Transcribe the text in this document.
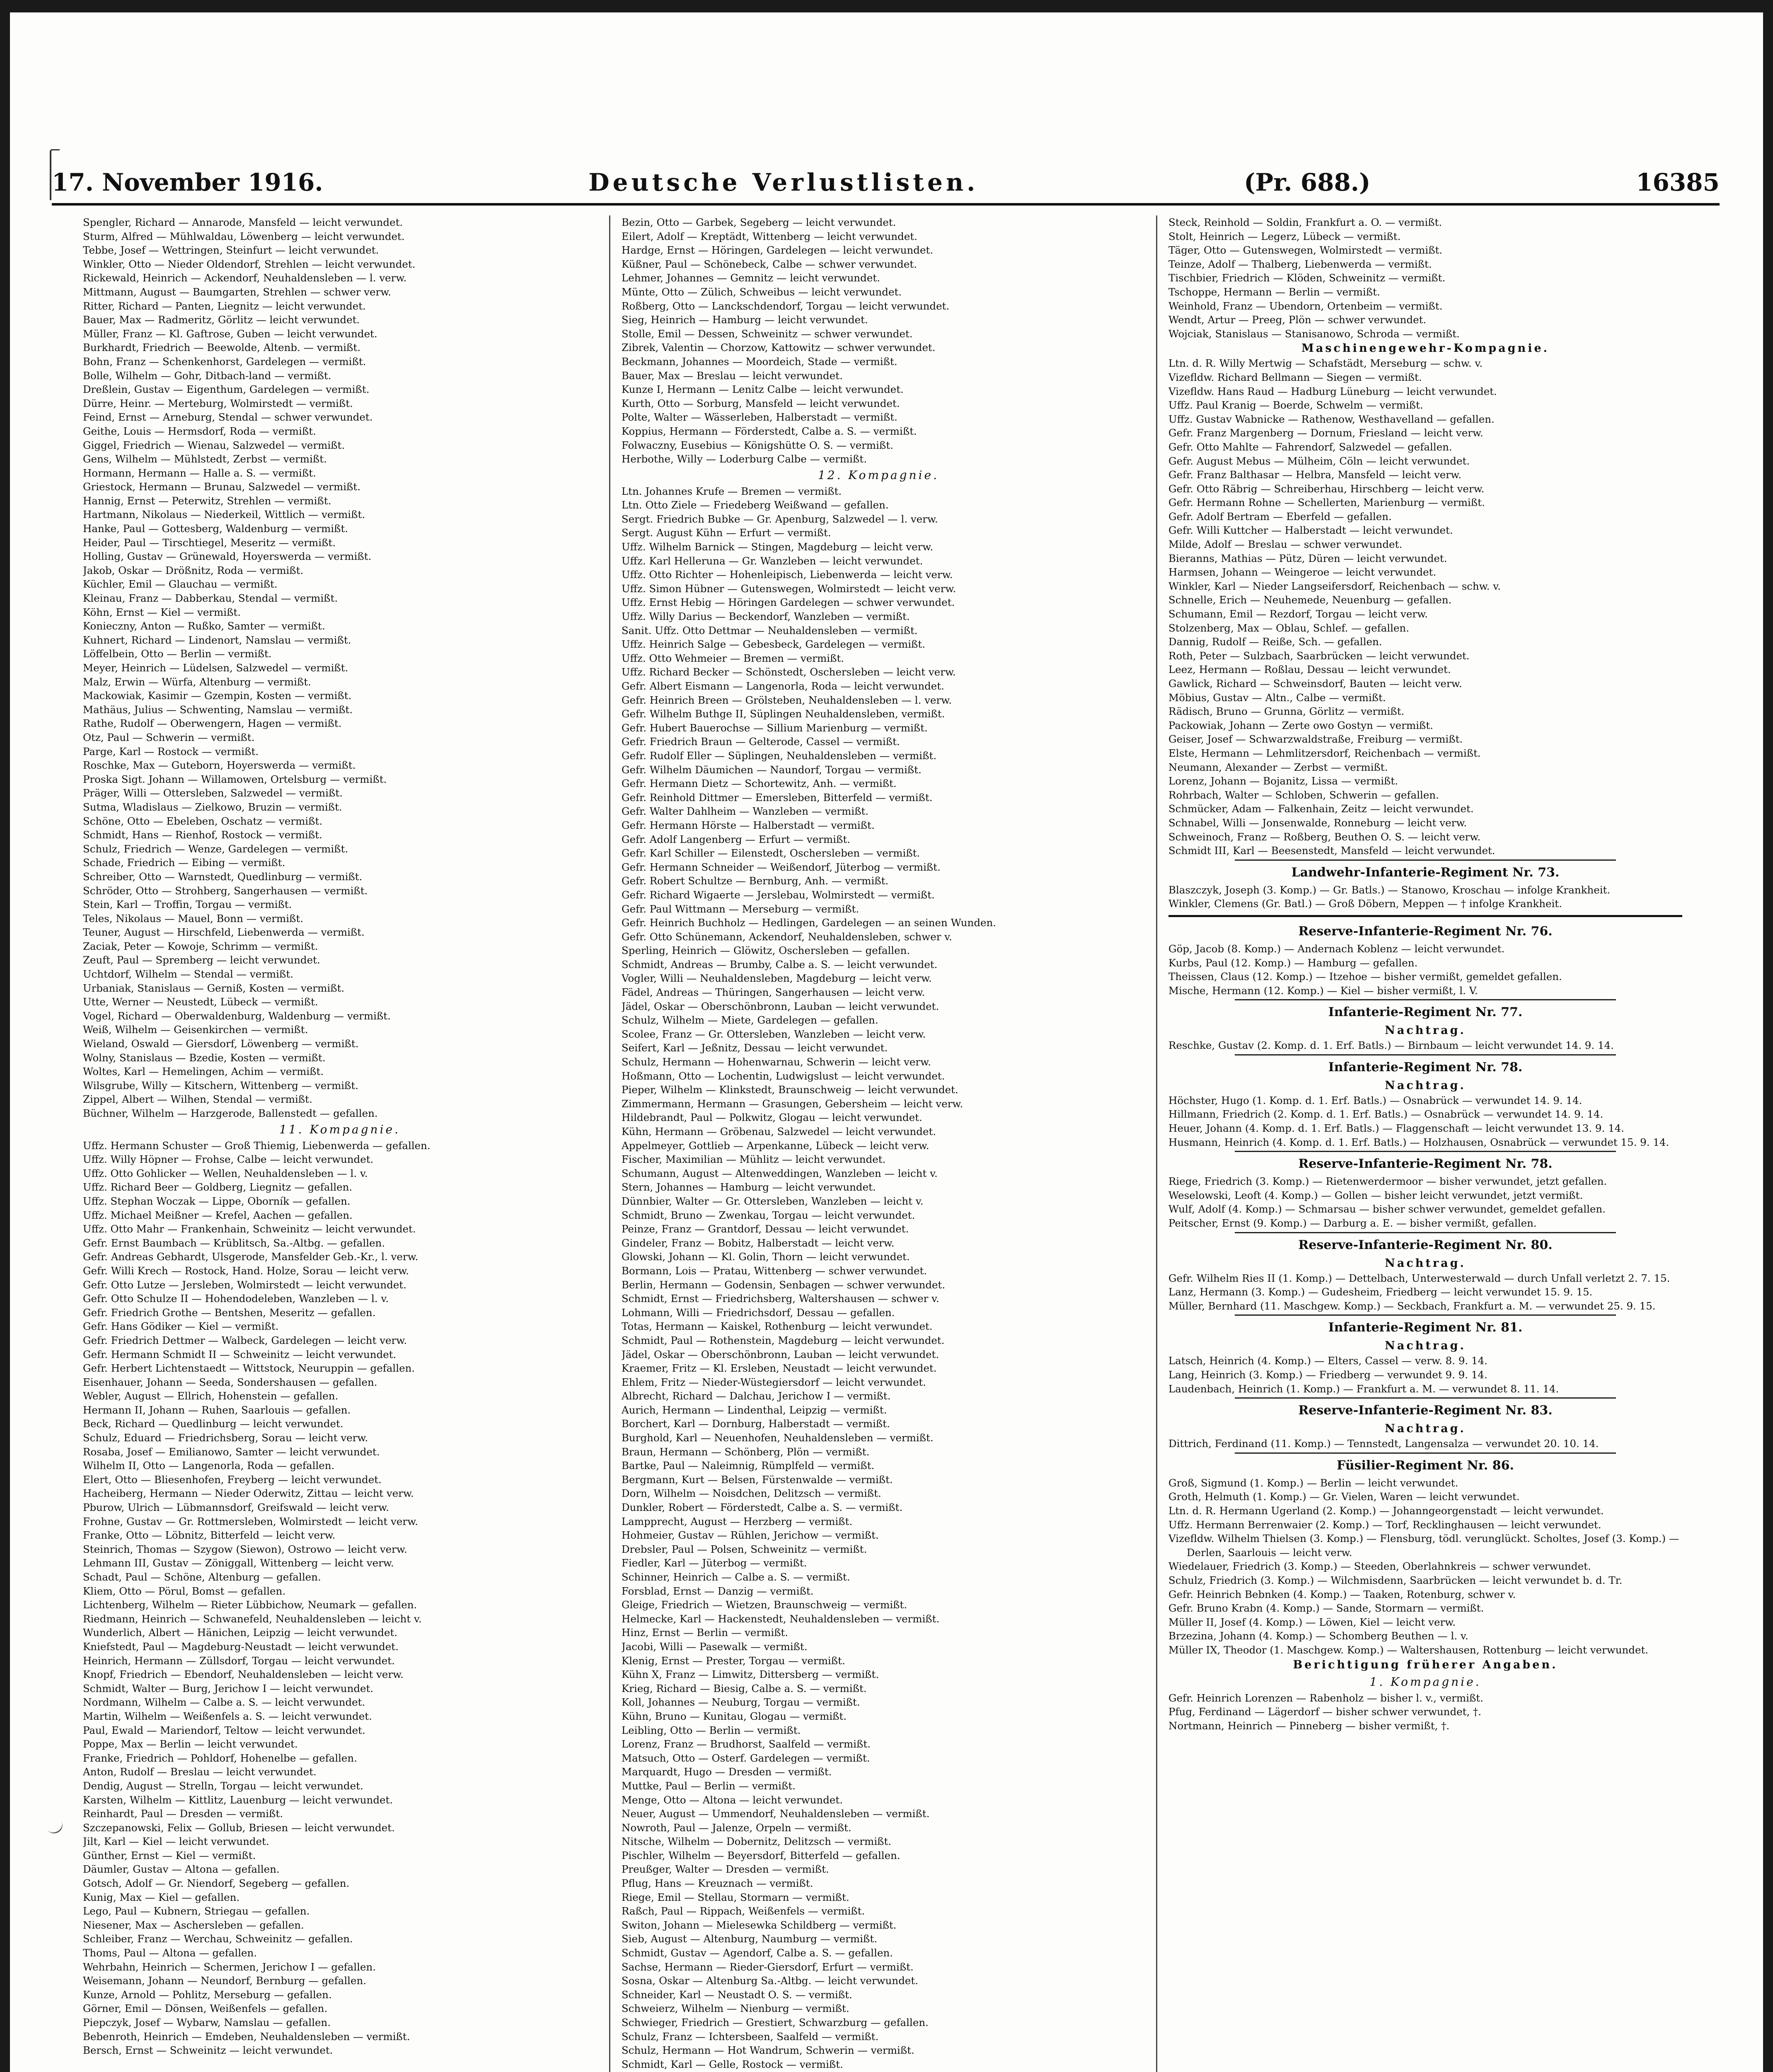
17. November 1916.	Deutsche Verlustlisten.	(Pr. 688.)	16385
Spengler, Richard — Annarode, Mansfeld — leicht verwundet.
Sturm, Alfred — Mühlwaldau, Löwenberg — leicht verwundet.
Tebbe, Josef — Wettringen, Steinfurt — leicht verwundet.
Winkler, Otto — Nieder Oldendorf, Strehlen — leicht verwundet.
Rickewald, Heinrich — Ackendorf, Neuhaldensleben — l. verw.
Mittmann, August — Baumgarten, Strehlen — schwer verw.
Ritter, Richard — Panten, Liegnitz — leicht verwundet.
Bauer, Max — Radmeritz, Görlitz — leicht verwundet.
Müller, Franz — Kl. Gaftrose, Guben — leicht verwundet.
Burkhardt, Friedrich — Beewolde, Altenb. — vermißt.
Bohn, Franz — Schenkenhorst, Gardelegen — vermißt.
Bolle, Wilhelm — Gohr, Ditbach-land — vermißt.
Dreßlein, Gustav — Eigenthum, Gardelegen — vermißt.
Dürre, Heinr. — Merteburg, Wolmirstedt — vermißt.
Feind, Ernst — Arneburg, Stendal — schwer verwundet.
Geithe, Louis — Hermsdorf, Roda — vermißt.
Giggel, Friedrich — Wienau, Salzwedel — vermißt.
Gens, Wilhelm — Mühlstedt, Zerbst — vermißt.
Hormann, Hermann — Halle a. S. — vermißt.
Griestock, Hermann — Brunau, Salzwedel — vermißt.
Hannig, Ernst — Peterwitz, Strehlen — vermißt.
Hartmann, Nikolaus — Niederkeil, Wittlich — vermißt.
Hanke, Paul — Gottesberg, Waldenburg — vermißt.
Heider, Paul — Tirschtiegel, Meseritz — vermißt.
Holling, Gustav — Grünewald, Hoyerswerda — vermißt.
Jakob, Oskar — Drößnitz, Roda — vermißt.
Küchler, Emil — Glauchau — vermißt.
Kleinau, Franz — Dabberkau, Stendal — vermißt.
Köhn, Ernst — Kiel — vermißt.
Konieczny, Anton — Rußko, Samter — vermißt.
Kuhnert, Richard — Lindenort, Namslau — vermißt.
Löffelbein, Otto — Berlin — vermißt.
Meyer, Heinrich — Lüdelsen, Salzwedel — vermißt.
Malz, Erwin — Würfa, Altenburg — vermißt.
Mackowiak, Kasimir — Gzempin, Kosten — vermißt.
Mathäus, Julius — Schwenting, Namslau — vermißt.
Rathe, Rudolf — Oberwengern, Hagen — vermißt.
Otz, Paul — Schwerin — vermißt.
Parge, Karl — Rostock — vermißt.
Roschke, Max — Guteborn, Hoyerswerda — vermißt.
Proska Sigt. Johann — Willamowen, Ortelsburg — vermißt.
Präger, Willi — Ottersleben, Salzwedel — vermißt.
Sutma, Wladislaus — Zielkowo, Bruzin — vermißt.
Schöne, Otto — Ebeleben, Oschatz — vermißt.
Schmidt, Hans — Rienhof, Rostock — vermißt.
Schulz, Friedrich — Wenze, Gardelegen — vermißt.
Schade, Friedrich — Eibing — vermißt.
Schreiber, Otto — Warnstedt, Quedlinburg — vermißt.
Schröder, Otto — Strohberg, Sangerhausen — vermißt.
Stein, Karl — Troffin, Torgau — vermißt.
Teles, Nikolaus — Mauel, Bonn — vermißt.
Teuner, August — Hirschfeld, Liebenwerda — vermißt.
Zaciak, Peter — Kowoje, Schrimm — vermißt.
Zeuft, Paul — Spremberg — leicht verwundet.
Uchtdorf, Wilhelm — Stendal — vermißt.
Urbaniak, Stanislaus — Gerniß, Kosten — vermißt.
Utte, Werner — Neustedt, Lübeck — vermißt.
Vogel, Richard — Oberwaldenburg, Waldenburg — vermißt.
Weiß, Wilhelm — Geisenkirchen — vermißt.
Wieland, Oswald — Giersdorf, Löwenberg — vermißt.
Wolny, Stanislaus — Bzedie, Kosten — vermißt.
Woltes, Karl — Hemelingen, Achim — vermißt.
Wilsgrube, Willy — Kitschern, Wittenberg — vermißt.
Zippel, Albert — Wilhen, Stendal — vermißt.
Büchner, Wilhelm — Harzgerode, Ballenstedt — gefallen.
11. Kompagnie.
Uffz. Hermann Schuster — Groß Thiemig, Liebenwerda — gefallen.
Uffz. Willy Höpner — Frohse, Calbe — leicht verwundet.
Uffz. Otto Gohlicker — Wellen, Neuhaldensleben — l. v.
Uffz. Richard Beer — Goldberg, Liegnitz — gefallen.
Uffz. Stephan Woczak — Lippe, Oborník — gefallen.
Uffz. Michael Meißner — Krefel, Aachen — gefallen.
Uffz. Otto Mahr — Frankenhain, Schweinitz — leicht verwundet.
Gefr. Ernst Baumbach — Krüblitsch, Sa.-Altbg. — gefallen.
Gefr. Andreas Gebhardt, Ulsgerode, Mansfelder Geb.-Kr., l. verw.
Gefr. Willi Krech — Rostock, Hand. Holze, Sorau — leicht verw.
Gefr. Otto Lutze — Jersleben, Wolmirstedt — leicht verwundet.
Gefr. Otto Schulze II — Hohendodeleben, Wanzleben — l. v.
Gefr. Friedrich Grothe — Bentshen, Meseritz — gefallen.
Gefr. Hans Gödiker — Kiel — vermißt.
Gefr. Friedrich Dettmer — Walbeck, Gardelegen — leicht verw.
Gefr. Hermann Schmidt II — Schweinitz — leicht verwundet.
Gefr. Herbert Lichtenstaedt — Wittstock, Neuruppin — gefallen.
Eisenhauer, Johann — Seeda, Sondershausen — gefallen.
Webler, August — Ellrich, Hohenstein — gefallen.
Hermann II, Johann — Ruhen, Saarlouis — gefallen.
Beck, Richard — Quedlinburg — leicht verwundet.
Schulz, Eduard — Friedrichsberg, Sorau — leicht verw.
Rosaba, Josef — Emilianowo, Samter — leicht verwundet.
Wilhelm II, Otto — Langenorla, Roda — gefallen.
Elert, Otto — Bliesenhofen, Freyberg — leicht verwundet.
Hacheiberg, Hermann — Nieder Oderwitz, Zittau — leicht verw.
Pburow, Ulrich — Lübmannsdorf, Greifswald — leicht verw.
Frohne, Gustav — Gr. Rottmersleben, Wolmirstedt — leicht verw.
Franke, Otto — Löbnitz, Bitterfeld — leicht verw.
Steinrich, Thomas — Szygow (Siewon), Ostrowo — leicht verw.
Lehmann III, Gustav — Zöniggall, Wittenberg — leicht verw.
Schadt, Paul — Schöne, Altenburg — gefallen.
Kliem, Otto — Pörul, Bomst — gefallen.
Lichtenberg, Wilhelm — Rieter Lübbichow, Neumark — gefallen.
Riedmann, Heinrich — Schwanefeld, Neuhaldensleben — leicht v.
Wunderlich, Albert — Hänichen, Leipzig — leicht verwundet.
Kniefstedt, Paul — Magdeburg-Neustadt — leicht verwundet.
Heinrich, Hermann — Züllsdorf, Torgau — leicht verwundet.
Knopf, Friedrich — Ebendorf, Neuhaldensleben — leicht verw.
Schmidt, Walter — Burg, Jerichow I — leicht verwundet.
Nordmann, Wilhelm — Calbe a. S. — leicht verwundet.
Martin, Wilhelm — Weißenfels a. S. — leicht verwundet.
Paul, Ewald — Mariendorf, Teltow — leicht verwundet.
Poppe, Max — Berlin — leicht verwundet.
Franke, Friedrich — Pohldorf, Hohenelbe — gefallen.
Anton, Rudolf — Breslau — leicht verwundet.
Dendig, August — Strelln, Torgau — leicht verwundet.
Karsten, Wilhelm — Kittlitz, Lauenburg — leicht verwundet.
Reinhardt, Paul — Dresden — vermißt.
Szczepanowski, Felix — Gollub, Briesen — leicht verwundet.
Jilt, Karl — Kiel — leicht verwundet.
Günther, Ernst — Kiel — vermißt.
Däumler, Gustav — Altona — gefallen.
Gotsch, Adolf — Gr. Niendorf, Segeberg — gefallen.
Kunig, Max — Kiel — gefallen.
Lego, Paul — Kubnern, Striegau — gefallen.
Niesener, Max — Aschersleben — gefallen.
Schleiber, Franz — Werchau, Schweinitz — gefallen.
Thoms, Paul — Altona — gefallen.
Wehrbahn, Heinrich — Schermen, Jerichow I — gefallen.
Weisemann, Johann — Neundorf, Bernburg — gefallen.
Kunze, Arnold — Pohlitz, Merseburg — gefallen.
Görner, Emil — Dönsen, Weißenfels — gefallen.
Piepczyk, Josef — Wybarw, Namslau — gefallen.
Bebenroth, Heinrich — Emdeben, Neuhaldensleben — vermißt.
Bersch, Ernst — Schweinitz — leicht verwundet.
Bezin, Otto — Garbek, Segeberg — leicht verwundet.
Eilert, Adolf — Kreptädt, Wittenberg — leicht verwundet.
Hardge, Ernst — Höringen, Gardelegen — leicht verwundet.
Küßner, Paul — Schönebeck, Calbe — schwer verwundet.
Lehmer, Johannes — Gemnitz — leicht verwundet.
Münte, Otto — Zülich, Schweibus — leicht verwundet.
Roßberg, Otto — Lanckschdendorf, Torgau — leicht verwundet.
Sieg, Heinrich — Hamburg — leicht verwundet.
Stolle, Emil — Dessen, Schweinitz — schwer verwundet.
Zibrek, Valentin — Chorzow, Kattowitz — schwer verwundet.
Beckmann, Johannes — Moordeich, Stade — vermißt.
Bauer, Max — Breslau — leicht verwundet.
Kunze I, Hermann — Lenitz Calbe — leicht verwundet.
Kurth, Otto — Sorburg, Mansfeld — leicht verwundet.
Polte, Walter — Wässerleben, Halberstadt — vermißt.
Koppius, Hermann — Förderstedt, Calbe a. S. — vermißt.
Folwaczny, Eusebius — Königshütte O. S. — vermißt.
Herbothe, Willy — Loderburg Calbe — vermißt.
12. Kompagnie.
Ltn. Johannes Krufe — Bremen — vermißt.
Ltn. Otto Ziele — Friedeberg Weißwand — gefallen.
Sergt. Friedrich Bubke — Gr. Apenburg, Salzwedel — l. verw.
Sergt. August Kühn — Erfurt — vermißt.
Uffz. Wilhelm Barnick — Stingen, Magdeburg — leicht verw.
Uffz. Karl Helleruna — Gr. Wanzleben — leicht verwundet.
Uffz. Otto Richter — Hohenleipisch, Liebenwerda — leicht verw.
Uffz. Simon Hübner — Gutenswegen, Wolmirstedt — leicht verw.
Uffz. Ernst Hebig — Höringen Gardelegen — schwer verwundet.
Uffz. Willy Darius — Beckendorf, Wanzleben — vermißt.
Sanit. Uffz. Otto Dettmar — Neuhaldensleben — vermißt.
Uffz. Heinrich Salge — Gebesbeck, Gardelegen — vermißt.
Uffz. Otto Wehmeier — Bremen — vermißt.
Uffz. Richard Becker — Schönstedt, Oschersleben — leicht verw.
Gefr. Albert Eismann — Langenorla, Roda — leicht verwundet.
Gefr. Heinrich Breen — Grölsteben, Neuhaldensleben — l. verw.
Gefr. Wilhelm Buthge II, Süplingen Neuhaldensleben, vermißt.
Gefr. Hubert Bauerochse — Sillium Marienburg — vermißt.
Gefr. Friedrich Braun — Gelterode, Cassel — vermißt.
Gefr. Rudolf Eller — Süplingen, Neuhaldensleben — vermißt.
Gefr. Wilhelm Däumichen — Naundorf, Torgau — vermißt.
Gefr. Hermann Dietz — Schortewitz, Anh. — vermißt.
Gefr. Reinhold Dittmer — Emersleben, Bitterfeld — vermißt.
Gefr. Walter Dahlheim — Wanzleben — vermißt.
Gefr. Hermann Hörste — Halberstadt — vermißt.
Gefr. Adolf Langenberg — Erfurt — vermißt.
Gefr. Karl Schiller — Eilenstedt, Oschersleben — vermißt.
Gefr. Hermann Schneider — Weißendorf, Jüterbog — vermißt.
Gefr. Robert Schultze — Bernburg, Anh. — vermißt.
Gefr. Richard Wigaerte — Jerslebau, Wolmirstedt — vermißt.
Gefr. Paul Wittmann — Merseburg — vermißt.
Gefr. Heinrich Buchholz — Hedlingen, Gardelegen — an seinen Wunden.
Gefr. Otto Schünemann, Ackendorf, Neuhaldensleben, schwer v.
Sperling, Heinrich — Glöwitz, Oschersleben — gefallen.
Schmidt, Andreas — Brumby, Calbe a. S. — leicht verwundet.
Vogler, Willi — Neuhaldensleben, Magdeburg — leicht verw.
Fädel, Andreas — Thüringen, Sangerhausen — leicht verw.
Jädel, Oskar — Oberschönbronn, Lauban — leicht verwundet.
Schulz, Wilhelm — Miete, Gardelegen — gefallen.
Scolee, Franz — Gr. Ottersleben, Wanzleben — leicht verw.
Seifert, Karl — Jeßnitz, Dessau — leicht verwundet.
Schulz, Hermann — Hohenwarnau, Schwerin — leicht verw.
Hoßmann, Otto — Lochentin, Ludwigslust — leicht verwundet.
Pieper, Wilhelm — Klinkstedt, Braunschweig — leicht verwundet.
Zimmermann, Hermann — Grasungen, Gebersheim — leicht verw.
Hildebrandt, Paul — Polkwitz, Glogau — leicht verwundet.
Kühn, Hermann — Gröbenau, Salzwedel — leicht verwundet.
Appelmeyer, Gottlieb — Arpenkanne, Lübeck — leicht verw.
Fischer, Maximilian — Mühlitz — leicht verwundet.
Schumann, August — Altenweddingen, Wanzleben — leicht v.
Stern, Johannes — Hamburg — leicht verwundet.
Dünnbier, Walter — Gr. Ottersleben, Wanzleben — leicht v.
Schmidt, Bruno — Zwenkau, Torgau — leicht verwundet.
Peinze, Franz — Grantdorf, Dessau — leicht verwundet.
Gindeler, Franz — Bobitz, Halberstadt — leicht verw.
Glowski, Johann — Kl. Golin, Thorn — leicht verwundet.
Bormann, Lois — Pratau, Wittenberg — schwer verwundet.
Berlin, Hermann — Godensin, Senbagen — schwer verwundet.
Schmidt, Ernst — Friedrichsberg, Waltershausen — schwer v.
Lohmann, Willi — Friedrichsdorf, Dessau — gefallen.
Totas, Hermann — Kaiskel, Rothenburg — leicht verwundet.
Schmidt, Paul — Rothenstein, Magdeburg — leicht verwundet.
Jädel, Oskar — Oberschönbronn, Lauban — leicht verwundet.
Kraemer, Fritz — Kl. Ersleben, Neustadt — leicht verwundet.
Ehlem, Fritz — Nieder-Wüstegiersdorf — leicht verwundet.
Albrecht, Richard — Dalchau, Jerichow I — vermißt.
Aurich, Hermann — Lindenthal, Leipzig — vermißt.
Borchert, Karl — Dornburg, Halberstadt — vermißt.
Burghold, Karl — Neuenhofen, Neuhaldensleben — vermißt.
Braun, Hermann — Schönberg, Plön — vermißt.
Bartke, Paul — Naleimnig, Rümplfeld — vermißt.
Bergmann, Kurt — Belsen, Fürstenwalde — vermißt.
Dorn, Wilhelm — Noisdchen, Delitzsch — vermißt.
Dunkler, Robert — Förderstedt, Calbe a. S. — vermißt.
Lampprecht, August — Herzberg — vermißt.
Hohmeier, Gustav — Rühlen, Jerichow — vermißt.
Drebsler, Paul — Polsen, Schweinitz — vermißt.
Fiedler, Karl — Jüterbog — vermißt.
Schinner, Heinrich — Calbe a. S. — vermißt.
Forsblad, Ernst — Danzig — vermißt.
Gleige, Friedrich — Wietzen, Braunschweig — vermißt.
Helmecke, Karl — Hackenstedt, Neuhaldensleben — vermißt.
Hinz, Ernst — Berlin — vermißt.
Jacobi, Willi — Pasewalk — vermißt.
Klenig, Ernst — Prester, Torgau — vermißt.
Kühn X, Franz — Limwitz, Dittersberg — vermißt.
Krieg, Richard — Biesig, Calbe a. S. — vermißt.
Koll, Johannes — Neuburg, Torgau — vermißt.
Kühn, Bruno — Kunitau, Glogau — vermißt.
Leibling, Otto — Berlin — vermißt.
Lorenz, Franz — Brudhorst, Saalfeld — vermißt.
Matsuch, Otto — Osterf. Gardelegen — vermißt.
Marquardt, Hugo — Dresden — vermißt.
Muttke, Paul — Berlin — vermißt.
Menge, Otto — Altona — leicht verwundet.
Neuer, August — Ummendorf, Neuhaldensleben — vermißt.
Nowroth, Paul — Jalenze, Orpeln — vermißt.
Nitsche, Wilhelm — Dobernitz, Delitzsch — vermißt.
Pischler, Wilhelm — Beyersdorf, Bitterfeld — gefallen.
Preußger, Walter — Dresden — vermißt.
Pflug, Hans — Kreuznach — vermißt.
Riege, Emil — Stellau, Stormarn — vermißt.
Raßch, Paul — Rippach, Weißenfels — vermißt.
Switon, Johann — Mielesewka Schildberg — vermißt.
Sieb, August — Altenburg, Naumburg — vermißt.
Schmidt, Gustav — Agendorf, Calbe a. S. — gefallen.
Sachse, Hermann — Rieder-Giersdorf, Erfurt — vermißt.
Sosna, Oskar — Altenburg Sa.-Altbg. — leicht verwundet.
Schneider, Karl — Neustadt O. S. — vermißt.
Schweierz, Wilhelm — Nienburg — vermißt.
Schwieger, Friedrich — Grestiert, Schwarzburg — gefallen.
Schulz, Franz — Ichtersbeen, Saalfeld — vermißt.
Schulz, Hermann — Hot Wandrum, Schwerin — vermißt.
Schmidt, Karl — Gelle, Rostock — vermißt.
Steck, Reinhold — Soldin, Frankfurt a. O. — vermißt.
Stolt, Heinrich — Legerz, Lübeck — vermißt.
Täger, Otto — Gutenswegen, Wolmirstedt — vermißt.
Teinze, Adolf — Thalberg, Liebenwerda — vermißt.
Tischbier, Friedrich — Klöden, Schweinitz — vermißt.
Tschoppe, Hermann — Berlin — vermißt.
Weinhold, Franz — Ubendorn, Ortenbeim — vermißt.
Wendt, Artur — Preeg, Plön — schwer verwundet.
Wojciak, Stanislaus — Stanisanowo, Schroda — vermißt.
Maschinengewehr-Kompagnie.
Ltn. d. R. Willy Mertwig — Schafstädt, Merseburg — schw. v.
Vizefldw. Richard Bellmann — Siegen — vermißt.
Vizefldw. Hans Raud — Hadburg Lüneburg — leicht verwundet.
Uffz. Paul Kranig — Boerde, Schwelm — vermißt.
Uffz. Gustav Wabnicke — Rathenow, Westhavelland — gefallen.
Gefr. Franz Margenberg — Dornum, Friesland — leicht verw.
Gefr. Otto Mahlte — Fahrendorf, Salzwedel — gefallen.
Gefr. August Mebus — Mülheim, Cöln — leicht verwundet.
Gefr. Franz Balthasar — Helbra, Mansfeld — leicht verw.
Gefr. Otto Räbrig — Schreiberhau, Hirschberg — leicht verw.
Gefr. Hermann Rohne — Schellerten, Marienburg — vermißt.
Gefr. Adolf Bertram — Eberfeld — gefallen.
Gefr. Willi Kuttcher — Halberstadt — leicht verwundet.
Milde, Adolf — Breslau — schwer verwundet.
Bieranns, Mathias — Pütz, Düren — leicht verwundet.
Harmsen, Johann — Weingeroe — leicht verwundet.
Winkler, Karl — Nieder Langseifersdorf, Reichenbach — schw. v.
Schnelle, Erich — Neuhemede, Neuenburg — gefallen.
Schumann, Emil — Rezdorf, Torgau — leicht verw.
Stolzenberg, Max — Oblau, Schlef. — gefallen.
Dannig, Rudolf — Reiße, Sch. — gefallen.
Roth, Peter — Sulzbach, Saarbrücken — leicht verwundet.
Leez, Hermann — Roßlau, Dessau — leicht verwundet.
Gawlick, Richard — Schweinsdorf, Bauten — leicht verw.
Möbius, Gustav — Altn., Calbe — vermißt.
Rädisch, Bruno — Grunna, Görlitz — vermißt.
Packowiak, Johann — Zerte owo Gostyn — vermißt.
Geiser, Josef — Schwarzwaldstraße, Freiburg — vermißt.
Elste, Hermann — Lehmlitzersdorf, Reichenbach — vermißt.
Neumann, Alexander — Zerbst — vermißt.
Lorenz, Johann — Bojanitz, Lissa — vermißt.
Rohrbach, Walter — Schloben, Schwerin — gefallen.
Schmücker, Adam — Falkenhain, Zeitz — leicht verwundet.
Schnabel, Willi — Jonsenwalde, Ronneburg — leicht verw.
Schweinoch, Franz — Roßberg, Beuthen O. S. — leicht verw.
Schmidt III, Karl — Beesenstedt, Mansfeld — leicht verwundet.
Landwehr-Infanterie-Regiment Nr. 73.
Blaszczyk, Joseph (3. Komp.) — Gr. Batls.) — Stanowo, Kroschau — infolge Krankheit.
Winkler, Clemens (Gr. Batl.) — Groß Döbern, Meppen — † infolge Krankheit.
Reserve-Infanterie-Regiment Nr. 76.
Göp, Jacob (8. Komp.) — Andernach Koblenz — leicht verwundet.
Kurbs, Paul (12. Komp.) — Hamburg — gefallen.
Theissen, Claus (12. Komp.) — Itzehoe — bisher vermißt, gemeldet gefallen.
Mische, Hermann (12. Komp.) — Kiel — bisher vermißt, l. V.
Infanterie-Regiment Nr. 77.
Nachtrag.
Reschke, Gustav (2. Komp. d. 1. Erf. Batls.) — Birnbaum — leicht verwundet 14. 9. 14.
Infanterie-Regiment Nr. 78.
Nachtrag.
Höchster, Hugo (1. Komp. d. 1. Erf. Batls.) — Osnabrück — verwundet 14. 9. 14.
Hillmann, Friedrich (2. Komp. d. 1. Erf. Batls.) — Osnabrück — verwundet 14. 9. 14.
Heuer, Johann (4. Komp. d. 1. Erf. Batls.) — Flaggenschaft — leicht verwundet 13. 9. 14.
Husmann, Heinrich (4. Komp. d. 1. Erf. Batls.) — Holzhausen, Osnabrück — verwundet 15. 9. 14.
Reserve-Infanterie-Regiment Nr. 78.
Riege, Friedrich (3. Komp.) — Rietenwerdermoor — bisher verwundet, jetzt gefallen.
Weselowski, Leoft (4. Komp.) — Gollen — bisher leicht verwundet, jetzt vermißt.
Wulf, Adolf (4. Komp.) — Schmarsau — bisher schwer verwundet, gemeldet gefallen.
Peitscher, Ernst (9. Komp.) — Darburg a. E. — bisher vermißt, gefallen.
Reserve-Infanterie-Regiment Nr. 80.
Nachtrag.
Gefr. Wilhelm Ries II (1. Komp.) — Dettelbach, Unterwesterwald — durch Unfall verletzt 2. 7. 15.
Lanz, Hermann (3. Komp.) — Gudesheim, Friedberg — leicht verwundet 15. 9. 15.
Müller, Bernhard (11. Maschgew. Komp.) — Seckbach, Frankfurt a. M. — verwundet 25. 9. 15.
Infanterie-Regiment Nr. 81.
Nachtrag.
Latsch, Heinrich (4. Komp.) — Elters, Cassel — verw. 8. 9. 14.
Lang, Heinrich (3. Komp.) — Friedberg — verwundet 9. 9. 14.
Laudenbach, Heinrich (1. Komp.) — Frankfurt a. M. — verwundet 8. 11. 14.
Reserve-Infanterie-Regiment Nr. 83.
Nachtrag.
Dittrich, Ferdinand (11. Komp.) — Tennstedt, Langensalza — verwundet 20. 10. 14.
Füsilier-Regiment Nr. 86.
Groß, Sigmund (1. Komp.) — Berlin — leicht verwundet.
Groth, Helmuth (1. Komp.) — Gr. Vielen, Waren — leicht verwundet.
Ltn. d. R. Hermann Ugerland (2. Komp.) — Johanngeorgenstadt — leicht verwundet.
Uffz. Hermann Berrenwaier (2. Komp.) — Torf, Recklinghausen — leicht verwundet.
Vizefldw. Wilhelm Thielsen (3. Komp.) — Flensburg, tödl. verunglückt. Scholtes, Josef (3. Komp.) — Derlen, Saarlouis — leicht verw.
Wiedelauer, Friedrich (3. Komp.) — Steeden, Oberlahnkreis — schwer verwundet.
Schulz, Friedrich (3. Komp.) — Wilchmisdenn, Saarbrücken — leicht verwundet b. d. Tr.
Gefr. Heinrich Bebnken (4. Komp.) — Taaken, Rotenburg, schwer v.
Gefr. Bruno Krabn (4. Komp.) — Sande, Stormarn — vermißt.
Müller II, Josef (4. Komp.) — Löwen, Kiel — leicht verw.
Brzezina, Johann (4. Komp.) — Schomberg Beuthen — l. v.
Müller IX, Theodor (1. Maschgew. Komp.) — Waltershausen, Rottenburg — leicht verwundet.
Berichtigung früherer Angaben.
1. Kompagnie.
Gefr. Heinrich Lorenzen — Rabenholz — bisher l. v., vermißt.
Pfug, Ferdinand — Lägerdorf — bisher schwer verwundet, †.
Nortmann, Heinrich — Pinneberg — bisher vermißt, †.
